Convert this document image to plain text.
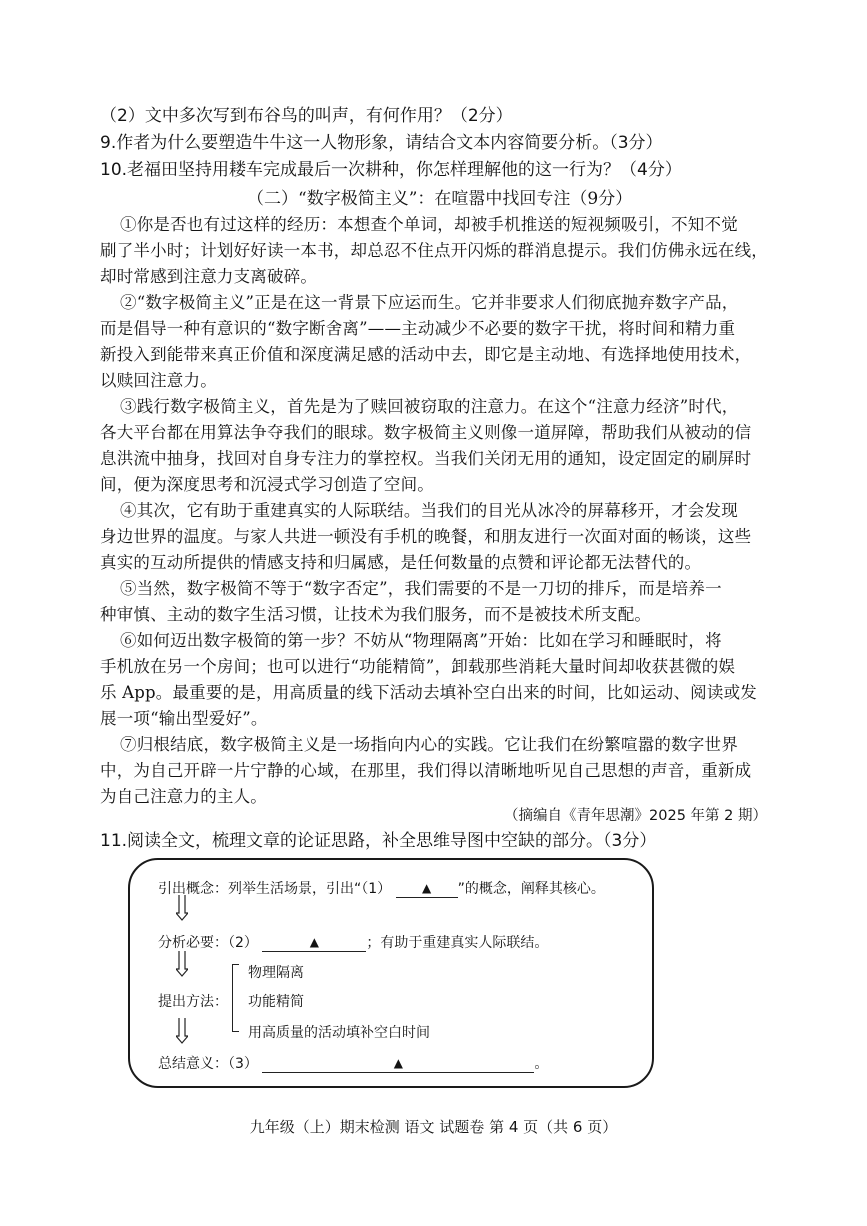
（2）文中多次写到布谷鸟的叫声，有何作用？（2分）
9.作者为什么要塑造牛牛这一人物形象，请结合文本内容简要分析。（3分）
10.老福田坚持用耧车完成最后一次耕种，你怎样理解他的这一行为？（4分）
（二）“数字极简主义”：在喧嚣中找回专注（9分）
①你是否也有过这样的经历：本想查个单词，却被手机推送的短视频吸引，不知不觉
刷了半小时；计划好好读一本书，却总忍不住点开闪烁的群消息提示。我们仿佛永远在线，
却时常感到注意力支离破碎。
②“数字极简主义”正是在这一背景下应运而生。它并非要求人们彻底抛弃数字产品，
而是倡导一种有意识的“数字断舍离”——主动减少不必要的数字干扰，将时间和精力重
新投入到能带来真正价值和深度满足感的活动中去，即它是主动地、有选择地使用技术，
以赎回注意力。
③践行数字极简主义，首先是为了赎回被窃取的注意力。在这个“注意力经济”时代，
各大平台都在用算法争夺我们的眼球。数字极简主义则像一道屏障，帮助我们从被动的信
息洪流中抽身，找回对自身专注力的掌控权。当我们关闭无用的通知，设定固定的刷屏时
间，便为深度思考和沉浸式学习创造了空间。
④其次，它有助于重建真实的人际联结。当我们的目光从冰冷的屏幕移开，才会发现
身边世界的温度。与家人共进一顿没有手机的晚餐，和朋友进行一次面对面的畅谈，这些
真实的互动所提供的情感支持和归属感，是任何数量的点赞和评论都无法替代的。
⑤当然，数字极简不等于“数字否定”，我们需要的不是一刀切的排斥，而是培养一
种审慎、主动的数字生活习惯，让技术为我们服务，而不是被技术所支配。
⑥如何迈出数字极简的第一步？不妨从“物理隔离”开始：比如在学习和睡眠时，将
手机放在另一个房间；也可以进行“功能精简”，卸载那些消耗大量时间却收获甚微的娱
乐 App。最重要的是，用高质量的线下活动去填补空白出来的时间，比如运动、阅读或发
展一项“输出型爱好”。
⑦归根结底，数字极简主义是一场指向内心的实践。它让我们在纷繁喧嚣的数字世界
中，为自己开辟一片宁静的心域，在那里，我们得以清晰地听见自己思想的声音，重新成
为自己注意力的主人。
（摘编自《青年思潮》2025 年第 2 期）
11.阅读全文，梳理文章的论证思路，补全思维导图中空缺的部分。（3分）
引出概念：列举生活场景，引出“（1）	▲ ”的概念，阐释其核心。
分析必要：（2）	▲	；有助于重建真实人际联结。
物理隔离
提出方法： 功能精简
用高质量的活动填补空白时间
总结意义：（3）	▲	。
九年级（上）期末检测 语文 试题卷 第 4 页（共 6 页）
